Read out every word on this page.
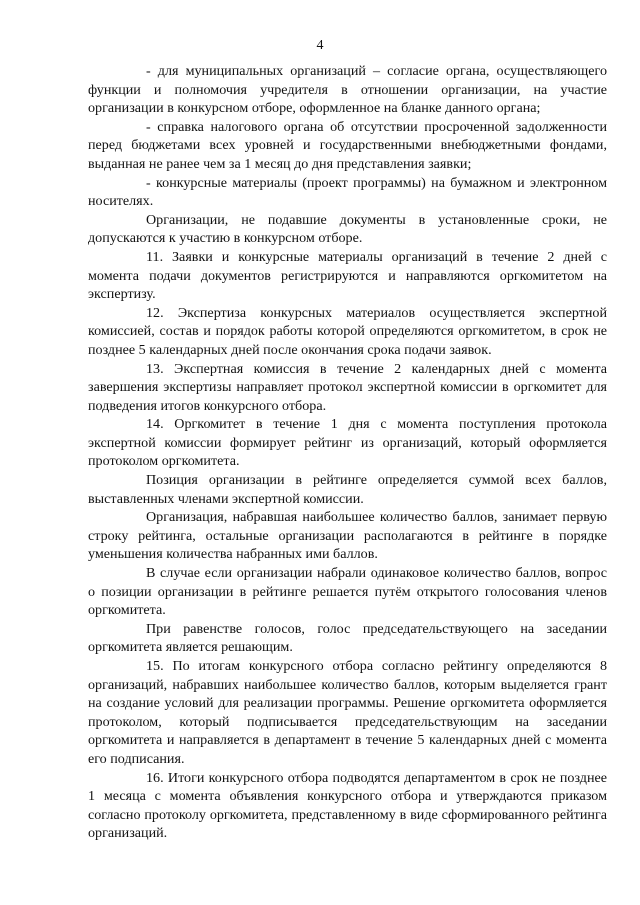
4

- для муниципальных организаций – согласие органа, осуществляющего функции и полномочия учредителя в отношении организации, на участие организации в конкурсном отборе, оформленное на бланке данного органа;

- справка налогового органа об отсутствии просроченной задолженности перед бюджетами всех уровней и государственными внебюджетными фондами, выданная не ранее чем за 1 месяц до дня представления заявки;

- конкурсные материалы (проект программы) на бумажном и электронном носителях.

Организации, не подавшие документы в установленные сроки, не допускаются к участию в конкурсном отборе.

11. Заявки и конкурсные материалы организаций в течение 2 дней с момента подачи документов регистрируются и направляются оргкомитетом на экспертизу.

12. Экспертиза конкурсных материалов осуществляется экспертной комиссией, состав и порядок работы которой определяются оргкомитетом, в срок не позднее 5 календарных дней после окончания срока подачи заявок.

13. Экспертная комиссия в течение 2 календарных дней с момента завершения экспертизы направляет протокол экспертной комиссии в оргкомитет для подведения итогов конкурсного отбора.

14. Оргкомитет в течение 1 дня с момента поступления протокола экспертной комиссии формирует рейтинг из организаций, который оформляется протоколом оргкомитета.

Позиция организации в рейтинге определяется суммой всех баллов, выставленных членами экспертной комиссии.

Организация, набравшая наибольшее количество баллов, занимает первую строку рейтинга, остальные организации располагаются в рейтинге в порядке уменьшения количества набранных ими баллов.

В случае если организации набрали одинаковое количество баллов, вопрос о позиции организации в рейтинге решается путём открытого голосования членов оргкомитета.

При равенстве голосов, голос председательствующего на заседании оргкомитета является решающим.

15. По итогам конкурсного отбора согласно рейтингу определяются 8 организаций, набравших наибольшее количество баллов, которым выделяется грант на создание условий для реализации программы. Решение оргкомитета оформляется протоколом, который подписывается председательствующим на заседании оргкомитета и направляется в департамент в течение 5 календарных дней с момента его подписания.

16. Итоги конкурсного отбора подводятся департаментом в срок не позднее 1 месяца с момента объявления конкурсного отбора и утверждаются приказом согласно протоколу оргкомитета, представленному в виде сформированного рейтинга организаций.
